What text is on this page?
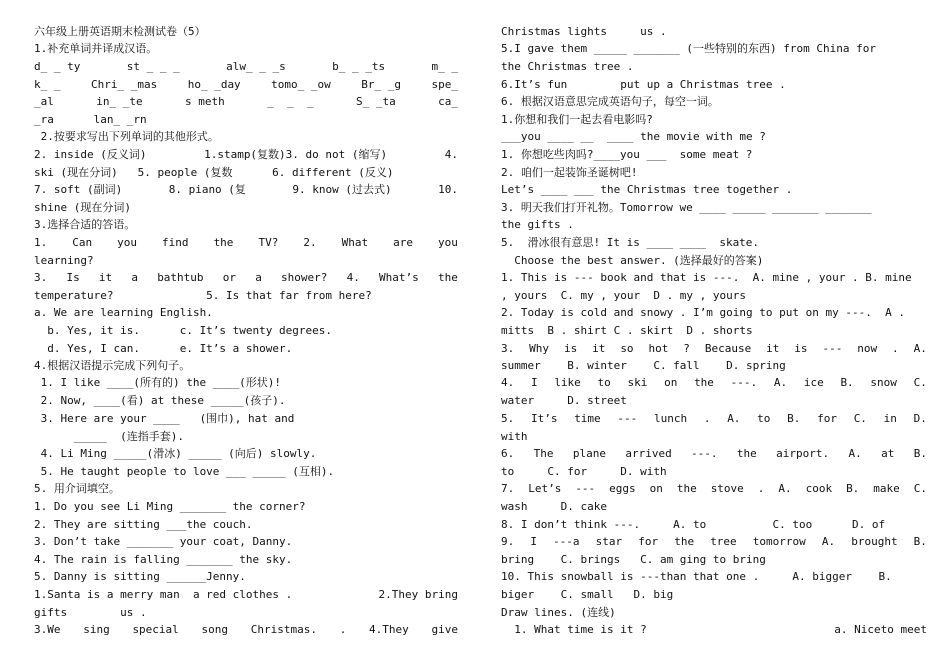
六年级上册英语期末检测试卷（5）
1.补充单词并译成汉语。
d_ _ ty	st _ _ _	alw_ _ _s	b_ _ _ts	m_ _
k_ _	Chri_ _mas	ho_ _day	tomo_ _ow	Br_ _g	spe_
_al	in_ _te	s meth	_  _  _	S_ _ta	ca_
_ra      lan_ _rn
2.按要求写出下列单词的其他形式。
2. inside (反义词)	1.stamp(复数)3. do not (缩写)	4.
ski (现在分词)   5. people (复数      6. different (反义)
7. soft (副词)	8. piano (复	9. know (过去式)	10.
shine (现在分词)
3.选择合适的答语。
1. Can you find the TV? 2. What are you
learning?
3. Is it a bathtub or a shower? 4. What’s the
temperature?              5. Is that far from here?
a. We are learning English.
b. Yes, it is.      c. It’s twenty degrees.
d. Yes, I can.      e. It’s a shower.
4.根据汉语提示完成下列句子。
1. I like ____(所有的) the ____(形状)!
2. Now, ____(看) at these _____(孩子).
3. Here are your ____   (围巾), hat and
_____  (连指手套).
4. Li Ming _____(滑冰) _____ (向后) slowly.
5. He taught people to love ___ _____ (互相).
5. 用介词填空。
1. Do you see Li Ming _______ the corner?
2. They are sitting ___the couch.
3. Don’t take _______ your coat, Danny.
4. The rain is falling _______ the sky.
5. Danny is sitting ______Jenny.
1.Santa is a merry man  a red clothes .	2.They bring
gifts        us .
3.We sing special song Christmas. . 4.They give
Christmas lights     us .
5.I gave them _____ _______ (一些特别的东西) from China for
the Christmas tree .
6.It’s fun        put up a Christmas tree .
6. 根据汉语意思完成英语句子，每空一词。
1.你想和我们一起去看电影吗?
___you ____ __  ____ the movie with me ?
1. 你想吃些肉吗?____you ___  some meat ?
2. 咱们一起装饰圣诞树吧!
Let’s ____ ___ the Christmas tree together .
3. 明天我们打开礼物。Tomorrow we ____ _____ _______ _______
the gifts .
5.  滑冰很有意思! It is ____ ____  skate.
Choose the best answer. (选择最好的答案)
1. This is --- book and that is ---.  A. mine , your . B. mine
, yours  C. my , your  D . my , yours
2. Today is cold and snowy . I’m going to put on my ---.  A .
mitts  B . shirt C . skirt  D . shorts
3. Why is it so hot ? Because it is --- now . A.
summer    B. winter    C. fall    D. spring
4. I like to ski on the ---. A. ice B. snow C.
water     D. street
5. It’s time --- lunch . A. to B. for C. in D.
with
6. The plane arrived ---. the airport. A. at B.
to     C. for     D. with
7. Let’s --- eggs on the stove . A. cook B. make C.
wash     D. cake
8. I don’t think ---.     A. to          C. too      D. of
9. I ---a star for the tree tomorrow A. brought B.
bring    C. brings   C. am ging to bring
10. This snowball is ---than that one .     A. bigger    B.
biger    C. small   D. big
Draw lines. (连线)
1. What time is it ?	a. Niceto meet
